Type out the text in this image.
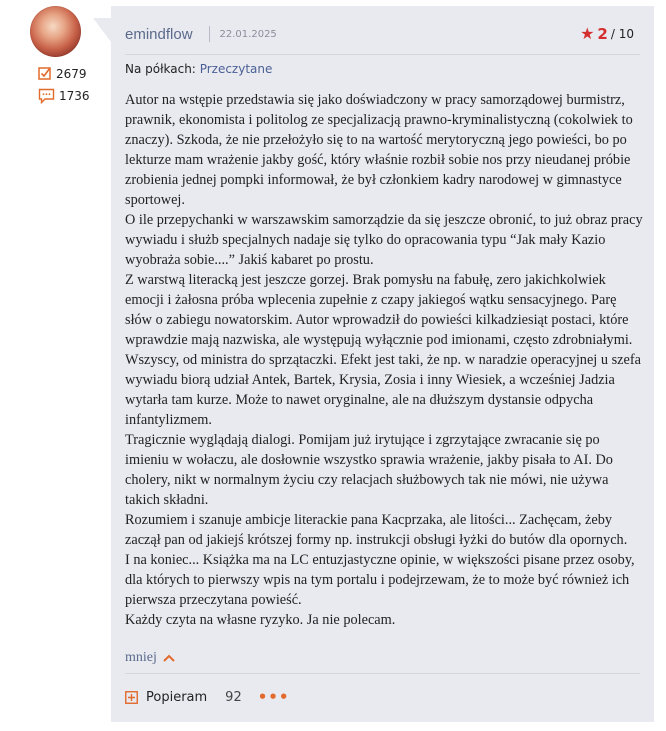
2679
1736
emindflow	22.01.2025	★ 2 / 10
Na półkach: Przeczytane

Autor na wstępie przedstawia się jako doświadczony w pracy samorządowej burmistrz, prawnik, ekonomista i politolog ze specjalizacją prawno-kryminalistyczną (cokolwiek to znaczy). Szkoda, że nie przełożyło się to na wartość merytoryczną jego powieści, bo po lekturze mam wrażenie jakby gość, który właśnie rozbił sobie nos przy nieudanej próbie zrobienia jednej pompki informował, że był członkiem kadry narodowej w gimnastyce sportowej.

O ile przepychanki w warszawskim samorządzie da się jeszcze obronić, to już obraz pracy wywiadu i służb specjalnych nadaje się tylko do opracowania typu “Jak mały Kazio wyobraża sobie....” Jakiś kabaret po prostu.

Z warstwą literacką jest jeszcze gorzej. Brak pomysłu na fabułę, zero jakichkolwiek emocji i żałosna próba wplecenia zupełnie z czapy jakiegoś wątku sensacyjnego. Parę słów o zabiegu nowatorskim. Autor wprowadził do powieści kilkadziesiąt postaci, które wprawdzie mają nazwiska, ale występują wyłącznie pod imionami, często zdrobniałymi. Wszyscy, od ministra do sprzątaczki. Efekt jest taki, że np. w naradzie operacyjnej u szefa wywiadu biorą udział Antek, Bartek, Krysia, Zosia i inny Wiesiek, a wcześniej Jadzia wytarła tam kurze. Może to nawet oryginalne, ale na dłuższym dystansie odpycha infantylizmem.

Tragicznie wyglądają dialogi. Pomijam już irytujące i zgrzytające zwracanie się po imieniu w wołaczu, ale dosłownie wszystko sprawia wrażenie, jakby pisała to AI. Do cholery, nikt w normalnym życiu czy relacjach służbowych tak nie mówi, nie używa takich składni.

Rozumiem i szanuje ambicje literackie pana Kacprzaka, ale litości... Zachęcam, żeby zaczął pan od jakiejś krótszej formy np. instrukcji obsługi łyżki do butów dla opornych.

I na koniec... Książka ma na LC entuzjastyczne opinie, w większości pisane przez osoby, dla których to pierwszy wpis na tym portalu i podejrzewam, że to może być również ich pierwsza przeczytana powieść.

Każdy czyta na własne ryzyko. Ja nie polecam.

mniej
Popieram 92 •••
